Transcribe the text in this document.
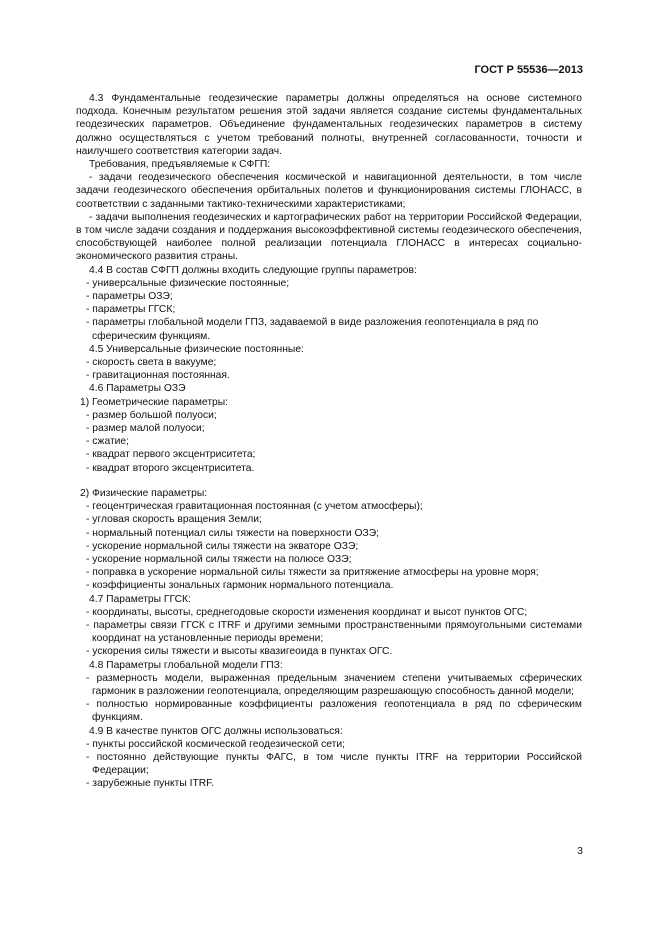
ГОСТ Р 55536—2013

4.3 Фундаментальные геодезические параметры должны определяться на основе системного подхода. Конечным результатом решения этой задачи является создание системы фундаментальных геодезических параметров. Объединение фундаментальных геодезических параметров в систему должно осуществляться с учетом требований полноты, внутренней согласованности, точности и наилучшего соответствия категории задач.

Требования, предъявляемые к СФГП:

- задачи геодезического обеспечения космической и навигационной деятельности, в том числе задачи геодезического обеспечения орбитальных полетов и функционирования системы ГЛОНАСС, в соответствии с заданными тактико-техническими характеристиками;

- задачи выполнения геодезических и картографических работ на территории Российской Федерации, в том числе задачи создания и поддержания высокоэффективной системы геодезического обеспечения, способствующей наиболее полной реализации потенциала ГЛОНАСС в интересах социально-экономического развития страны.

4.4 В состав СФГП должны входить следующие группы параметров:

- универсальные физические постоянные;

- параметры ОЗЭ;

- параметры ГГСК;

- параметры глобальной модели ГПЗ, задаваемой в виде разложения геопотенциала в ряд по сферическим функциям.

4.5 Универсальные физические постоянные:

- скорость света в вакууме;

- гравитационная постоянная.

4.6 Параметры ОЗЭ

1) Геометрические параметры:

- размер большой полуоси;

- размер малой полуоси;

- сжатие;

- квадрат первого эксцентриситета;

- квадрат второго эксцентриситета.

2) Физические параметры:

- геоцентрическая гравитационная постоянная (с учетом атмосферы);

- угловая скорость вращения Земли;

- нормальный потенциал силы тяжести на поверхности ОЗЭ;

- ускорение нормальной силы тяжести на экваторе ОЗЭ;

- ускорение нормальной силы тяжести на полюсе ОЗЭ;

- поправка в ускорение нормальной силы тяжести за притяжение атмосферы на уровне моря;

- коэффициенты зональных гармоник нормального потенциала.

4.7 Параметры ГГСК:

- координаты, высоты, среднегодовые скорости изменения координат и высот пунктов ОГС;

- параметры связи ГГСК с ITRF и другими земными пространственными прямоугольными системами координат на установленные периоды времени;

- ускорения силы тяжести и высоты квазигеоида в пунктах ОГС.

4.8 Параметры глобальной модели ГПЗ:

- размерность модели, выраженная предельным значением степени учитываемых сферических гармоник в разложении геопотенциала, определяющим разрешающую способность данной модели;

- полностью нормированные коэффициенты разложения геопотенциала в ряд по сферическим функциям.

4.9 В качестве пунктов ОГС должны использоваться:

- пункты российской космической геодезической сети;

- постоянно действующие пункты ФАГС, в том числе пункты ITRF на территории Российской Федерации;

- зарубежные пункты ITRF.

3
